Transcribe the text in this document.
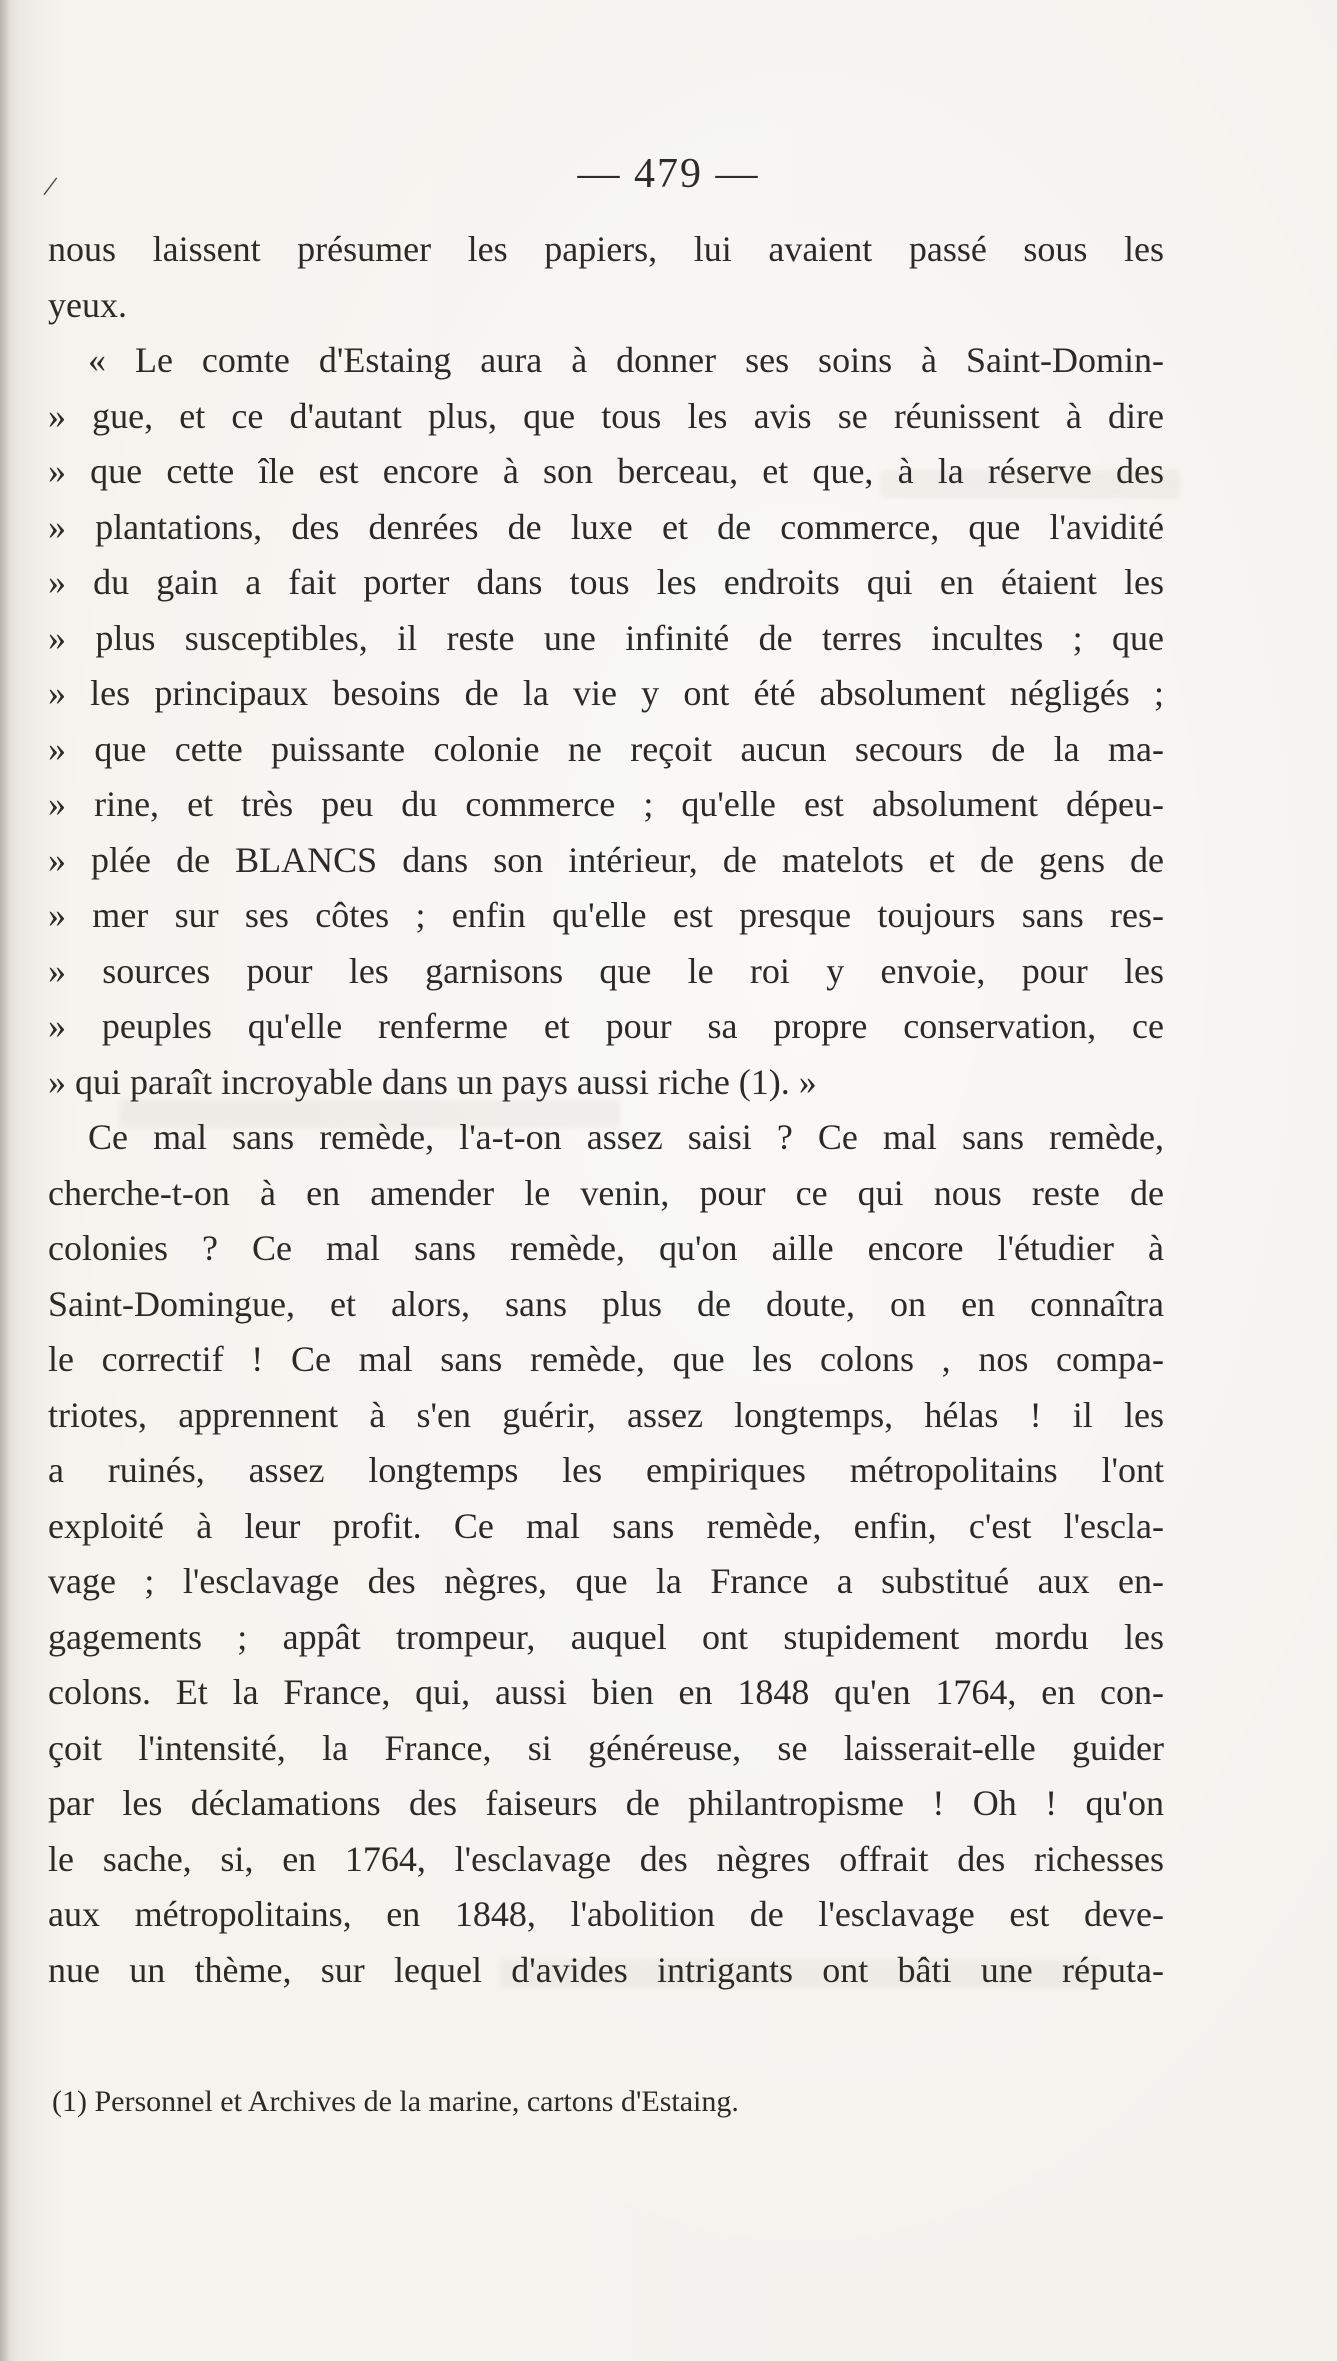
/	— 479 —
nous laissent présumer les papiers, lui avaient passé sous les
yeux.
« Le comte d'Estaing aura à donner ses soins à Saint-Domin-
» gue, et ce d'autant plus, que tous les avis se réunissent à dire
» que cette île est encore à son berceau, et que, à la réserve des
» plantations, des denrées de luxe et de commerce, que l'avidité
» du gain a fait porter dans tous les endroits qui en étaient les
» plus susceptibles, il reste une infinité de terres incultes ; que
» les principaux besoins de la vie y ont été absolument négligés ;
» que cette puissante colonie ne reçoit aucun secours de la ma-
» rine, et très peu du commerce ; qu'elle est absolument dépeu-
» plée de BLANCS dans son intérieur, de matelots et de gens de
» mer sur ses côtes ; enfin qu'elle est presque toujours sans res-
» sources pour les garnisons que le roi y envoie, pour les
» peuples qu'elle renferme et pour sa propre conservation, ce
» qui paraît incroyable dans un pays aussi riche (1). »
Ce mal sans remède, l'a-t-on assez saisi ? Ce mal sans remède,
cherche-t-on à en amender le venin, pour ce qui nous reste de
colonies ? Ce mal sans remède, qu'on aille encore l'étudier à
Saint-Domingue, et alors, sans plus de doute, on en connaîtra
le correctif ! Ce mal sans remède, que les colons , nos compa-
triotes, apprennent à s'en guérir, assez longtemps, hélas ! il les
a ruinés, assez longtemps les empiriques métropolitains l'ont
exploité à leur profit. Ce mal sans remède, enfin, c'est l'escla-
vage ; l'esclavage des nègres, que la France a substitué aux en-
gagements ; appât trompeur, auquel ont stupidement mordu les
colons. Et la France, qui, aussi bien en 1848 qu'en 1764, en con-
çoit l'intensité, la France, si généreuse, se laisserait-elle guider
par les déclamations des faiseurs de philantropisme ! Oh ! qu'on
le sache, si, en 1764, l'esclavage des nègres offrait des richesses
aux métropolitains, en 1848, l'abolition de l'esclavage est deve-
nue un thème, sur lequel d'avides intrigants ont bâti une réputa-
(1) Personnel et Archives de la marine, cartons d'Estaing.
